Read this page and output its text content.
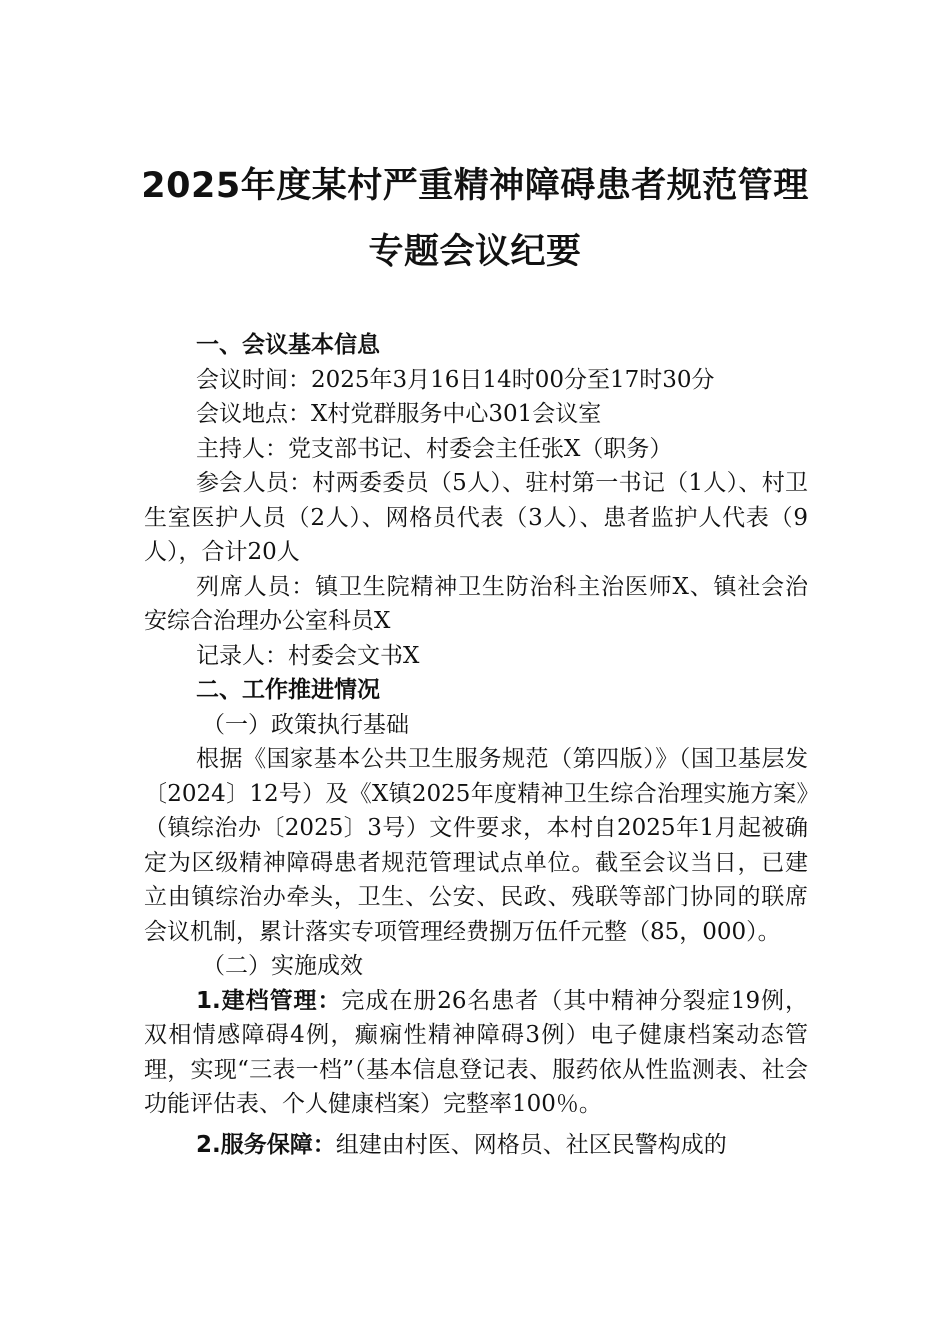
2025年度某村严重精神障碍患者规范管理
专题会议纪要

一、会议基本信息

会议时间：2025年3月16日14时00分至17时30分

会议地点：X村党群服务中心301会议室

主持人：党支部书记、村委会主任张X（职务）

参会人员：村两委委员（5人）、驻村第一书记（1人）、村卫生室医护人员（2人）、网格员代表（3人）、患者监护人代表（9人），合计20人

列席人员：镇卫生院精神卫生防治科主治医师X、镇社会治安综合治理办公室科员X

记录人：村委会文书X

二、工作推进情况

（一）政策执行基础

根据《国家基本公共卫生服务规范（第四版）》（国卫基层发〔2024〕12号）及《X镇2025年度精神卫生综合治理实施方案》（镇综治办〔2025〕3号）文件要求，本村自2025年1月起被确定为区级精神障碍患者规范管理试点单位。截至会议当日，已建立由镇综治办牵头，卫生、公安、民政、残联等部门协同的联席会议机制，累计落实专项管理经费捌万伍仟元整（85，000）。

（二）实施成效

1.建档管理：完成在册26名患者（其中精神分裂症19例，双相情感障碍4例，癫痫性精神障碍3例）电子健康档案动态管理，实现“三表一档”（基本信息登记表、服药依从性监测表、社会功能评估表、个人健康档案）完整率100％。

2.服务保障：组建由村医、网格员、社区民警构成的
